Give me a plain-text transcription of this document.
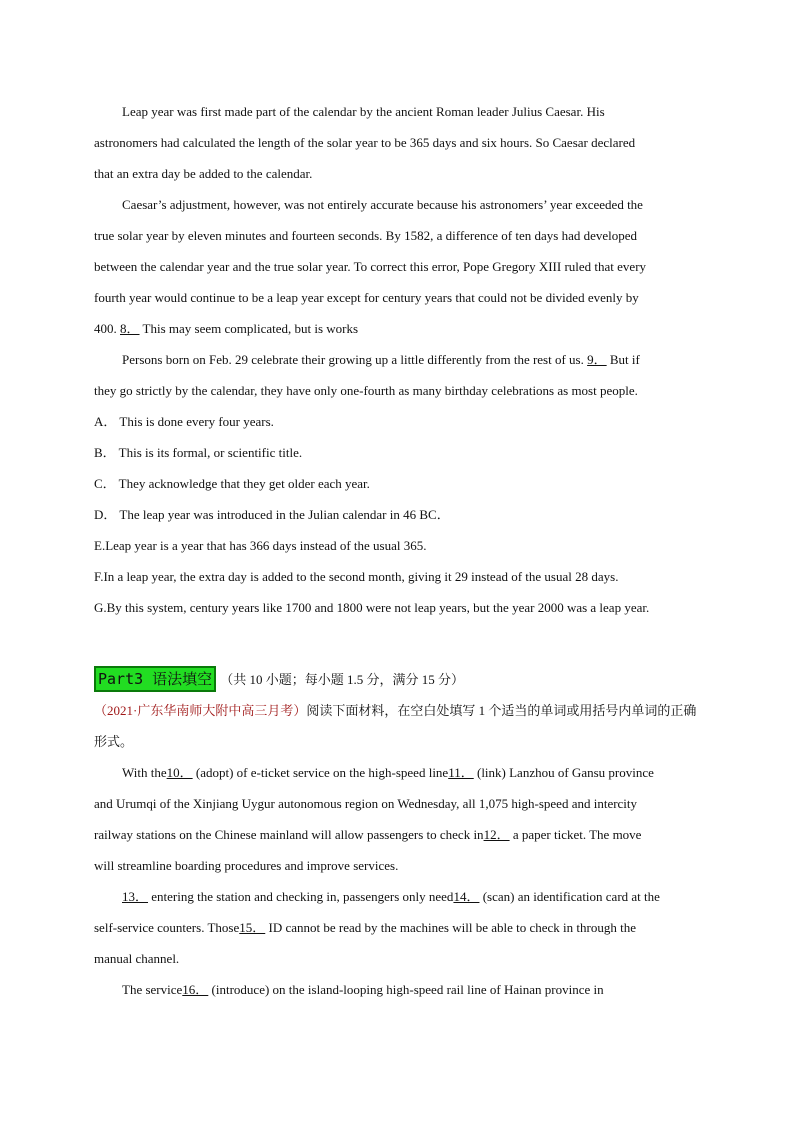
Leap year was first made part of the calendar by the ancient Roman leader Julius Caesar. His

astronomers had calculated the length of the solar year to be 365 days and six hours. So Caesar declared

that an extra day be added to the calendar.

Caesar’s adjustment, however, was not entirely accurate because his astronomers’ year exceeded the

true solar year by eleven minutes and fourteen seconds. By 1582, a difference of ten days had developed

between the calendar year and the true solar year. To correct this error, Pope Gregory XIII ruled that every

fourth year would continue to be a leap year except for century years that could not be divided evenly by

400. 8． This may seem complicated, but is works

Persons born on Feb. 29 celebrate their growing up a little differently from the rest of us. 9． But if

they go strictly by the calendar, they have only one-fourth as many birthday celebrations as most people.

A． This is done every four years.

B． This is its formal, or scientific title.

C． They acknowledge that they get older each year.

D． The leap year was introduced in the Julian calendar in 46 BC．

E.Leap year is a year that has 366 days instead of the usual 365.

F.In a leap year, the extra day is added to the second month, giving it 29 instead of the usual 28 days.

G.By this system, century years like 1700 and 1800 were not leap years, but the year 2000 was a leap year.

Part3 语法填空 （共 10 小题；每小题 1.5 分，满分 15 分）

（2021·广东华南师大附中高三月考）阅读下面材料，在空白处填写 1 个适当的单词或用括号内单词的正确形式。

With the10． (adopt) of e-ticket service on the high-speed line11． (link) Lanzhou of Gansu province

and Urumqi of the Xinjiang Uygur autonomous region on Wednesday, all 1,075 high-speed and intercity

railway stations on the Chinese mainland will allow passengers to check in12． a paper ticket. The move

will streamline boarding procedures and improve services.

13． entering the station and checking in, passengers only need14． (scan) an identification card at the

self-service counters. Those15． ID cannot be read by the machines will be able to check in through the

manual channel.

The service16． (introduce) on the island-looping high-speed rail line of Hainan province in
